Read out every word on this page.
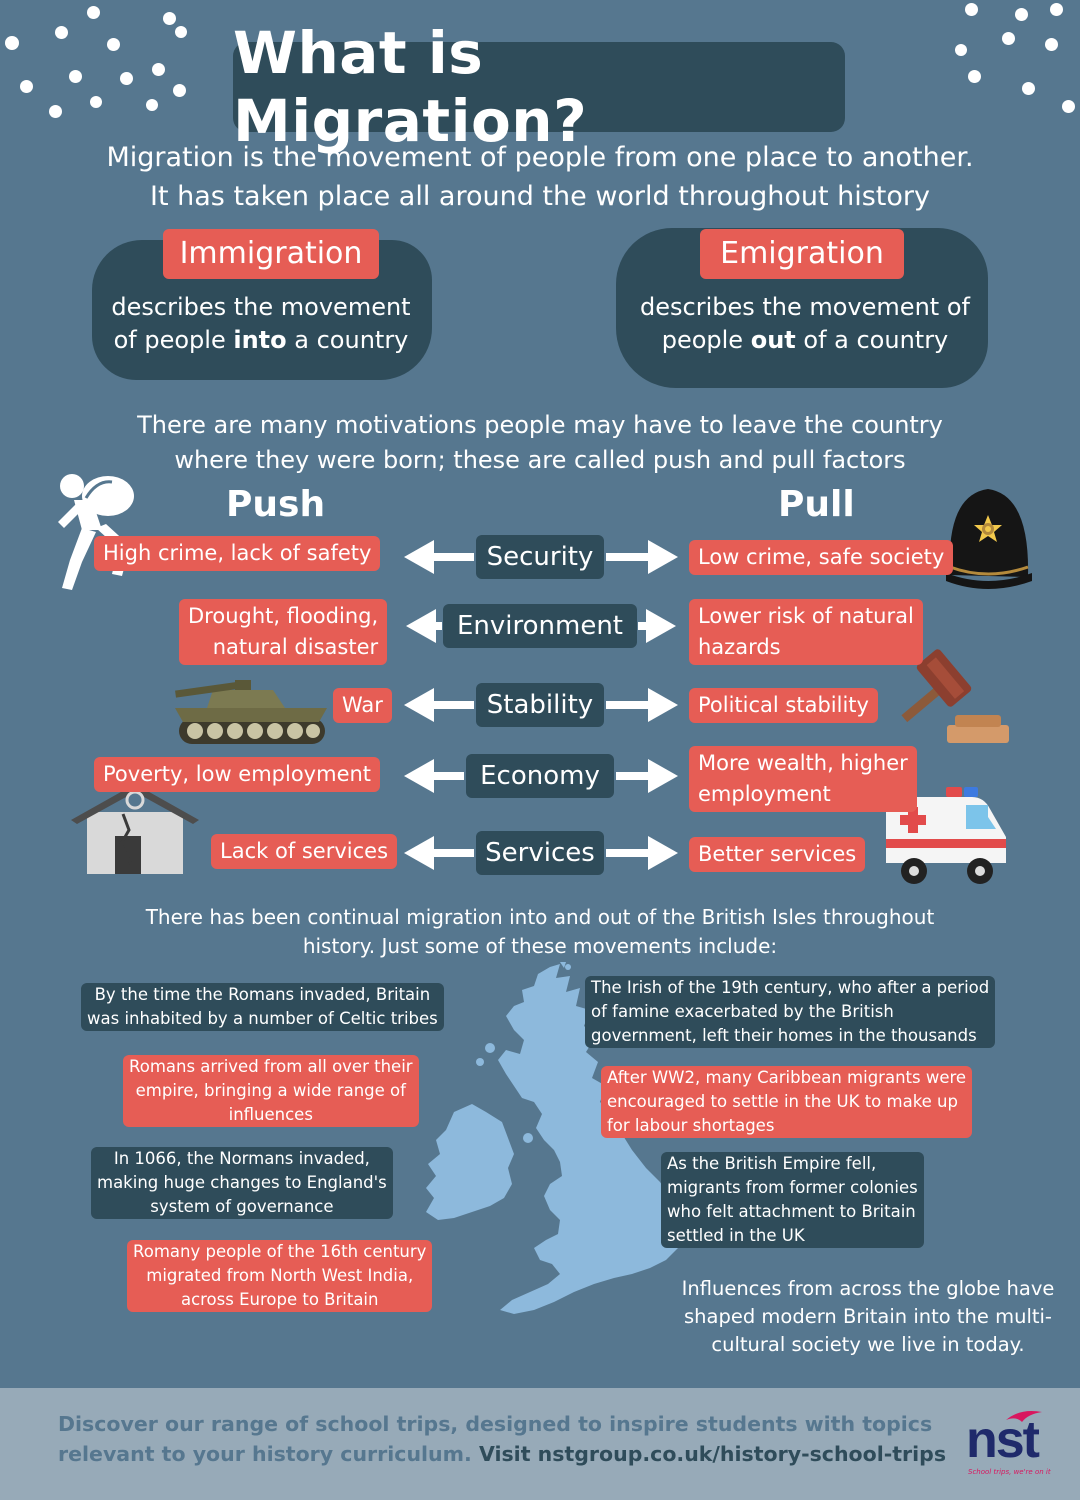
What is Migration?
Migration is the movement of people from one place to another.
It has taken place all around the world throughout history
Immigration
describes the movement
of people into a country
Emigration
describes the movement of
people out of a country
There are many motivations people may have to leave the country
where they were born; these are called push and pull factors
Push	Pull
High crime, lack of safety
Drought, flooding,
natural disaster
War
Poverty, low employment
Lack of services
Security
Environment
Stability
Economy
Services
Low crime, safe society
Lower risk of natural
hazards
Political stability
More wealth, higher
employment
Better services
There has been continual migration into and out of the British Isles throughout
history. Just some of these movements include:
By the time the Romans invaded, Britain
was inhabited by a number of Celtic tribes
Romans arrived from all over their
empire, bringing a wide range of
influences
In 1066, the Normans invaded,
making huge changes to England's
system of governance
Romany people of the 16th century
migrated from North West India,
across Europe to Britain
The Irish of the 19th century, who after a period
of famine exacerbated by the British
government, left their homes in the thousands
After WW2, many Caribbean migrants were
encouraged to settle in the UK to make up
for labour shortages
As the British Empire fell,
migrants from former colonies
who felt attachment to Britain
settled in the UK
Influences from across the globe have
shaped modern Britain into the multi-
cultural society we live in today.
Discover our range of school trips, designed to inspire students with topics
relevant to your history curriculum. Visit nstgroup.co.uk/history-school-trips nst
School trips, we're on it
